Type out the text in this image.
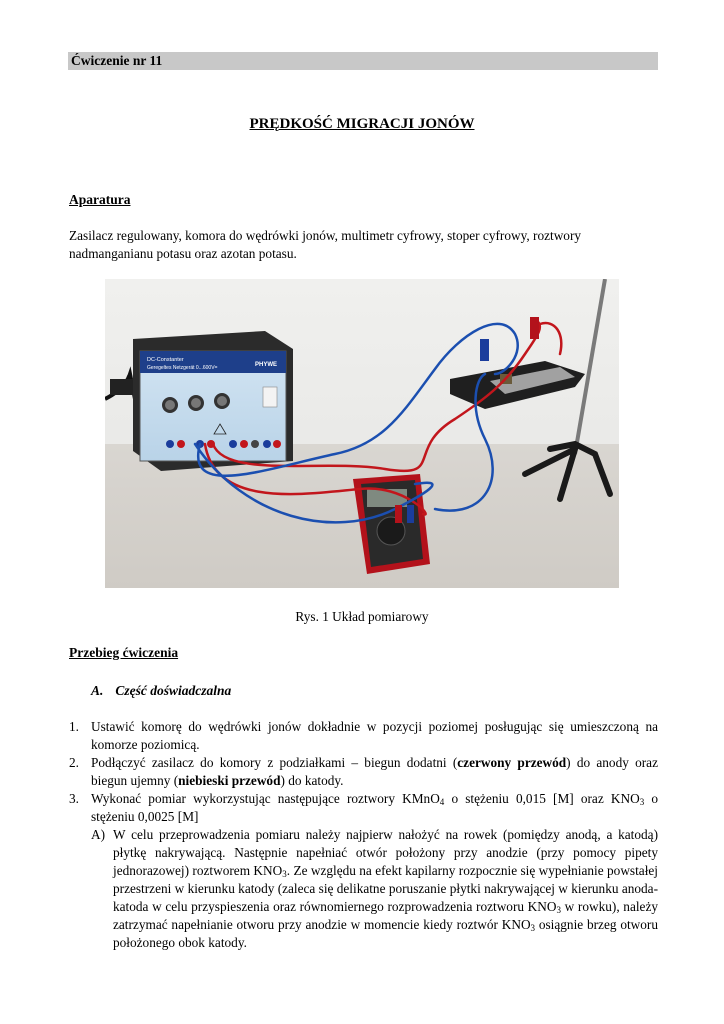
Ćwiczenie nr 11
PRĘDKOŚĆ MIGRACJI JONÓW
Aparatura
Zasilacz regulowany, komora do wędrówki jonów, multimetr cyfrowy, stoper cyfrowy, roztwory
nadmanganianu potasu oraz azotan potasu.
DC-Constanter
Geregeltes Netzgerät 0...600V=	PHYWE
Rys. 1 Układ pomiarowy
Przebieg ćwiczenia
A. Część doświadczalna
1. Ustawić komorę do wędrówki jonów dokładnie w pozycji poziomej posługując się umieszczoną na komorze poziomicą.
2. Podłączyć zasilacz do komory z podziałkami – biegun dodatni (czerwony przewód) do anody oraz biegun ujemny (niebieski przewód) do katody.
3. Wykonać pomiar wykorzystując następujące roztwory KMnO$_4$ o stężeniu 0,015 [M] oraz $KNO_3$ o stężeniu 0,0025 [M]
A) W celu przeprowadzenia pomiaru należy najpierw nałożyć na rowek (pomiędzy anodą, a katodą) płytkę nakrywającą. Następnie napełniać otwór położony przy anodzie (przy pomocy pipety jednorazowej) roztworem $KNO_3$. Ze względu na efekt kapilarny rozpocznie się wypełnianie powstałej przestrzeni w kierunku katody (zaleca się delikatne poruszanie płytki nakrywającej w kierunku anoda-katoda w celu przyspieszenia oraz równomiernego rozprowadzenia roztworu $KNO_3$ w rowku), należy zatrzymać napełnianie otworu przy anodzie w momencie kiedy roztwór $KNO_3$ osiągnie brzeg otworu położonego obok katody.
